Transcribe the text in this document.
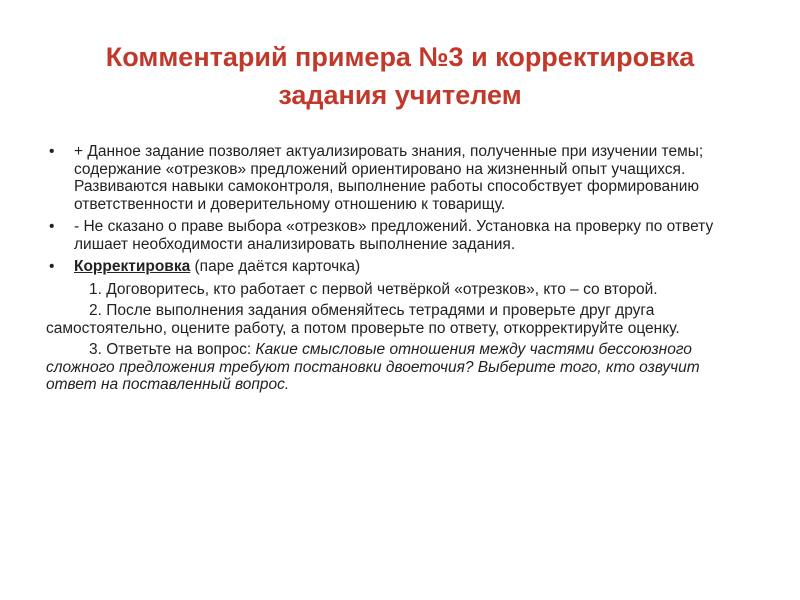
Комментарий примера №3 и корректировка
задания учителем
• + Данное задание позволяет актуализировать знания, полученные при изучении темы; содержание «отрезков» предложений ориентировано на жизненный опыт учащихся. Развиваются навыки самоконтроля, выполнение работы способствует формированию ответственности и доверительному отношению к товарищу.
• - Не сказано о праве выбора «отрезков» предложений. Установка на проверку по ответу лишает необходимости анализировать выполнение задания.
• Корректировка (паре даётся карточка)
1. Договоритесь, кто работает с первой четвёркой «отрезков», кто – со второй.
2. После выполнения задания обменяйтесь тетрадями и проверьте друг друга самостоятельно, оцените работу, а потом проверьте по ответу, откорректируйте оценку.
3. Ответьте на вопрос: Какие смысловые отношения между частями бессоюзного сложного предложения требуют постановки двоеточия? Выберите того, кто озвучит ответ на поставленный вопрос.
